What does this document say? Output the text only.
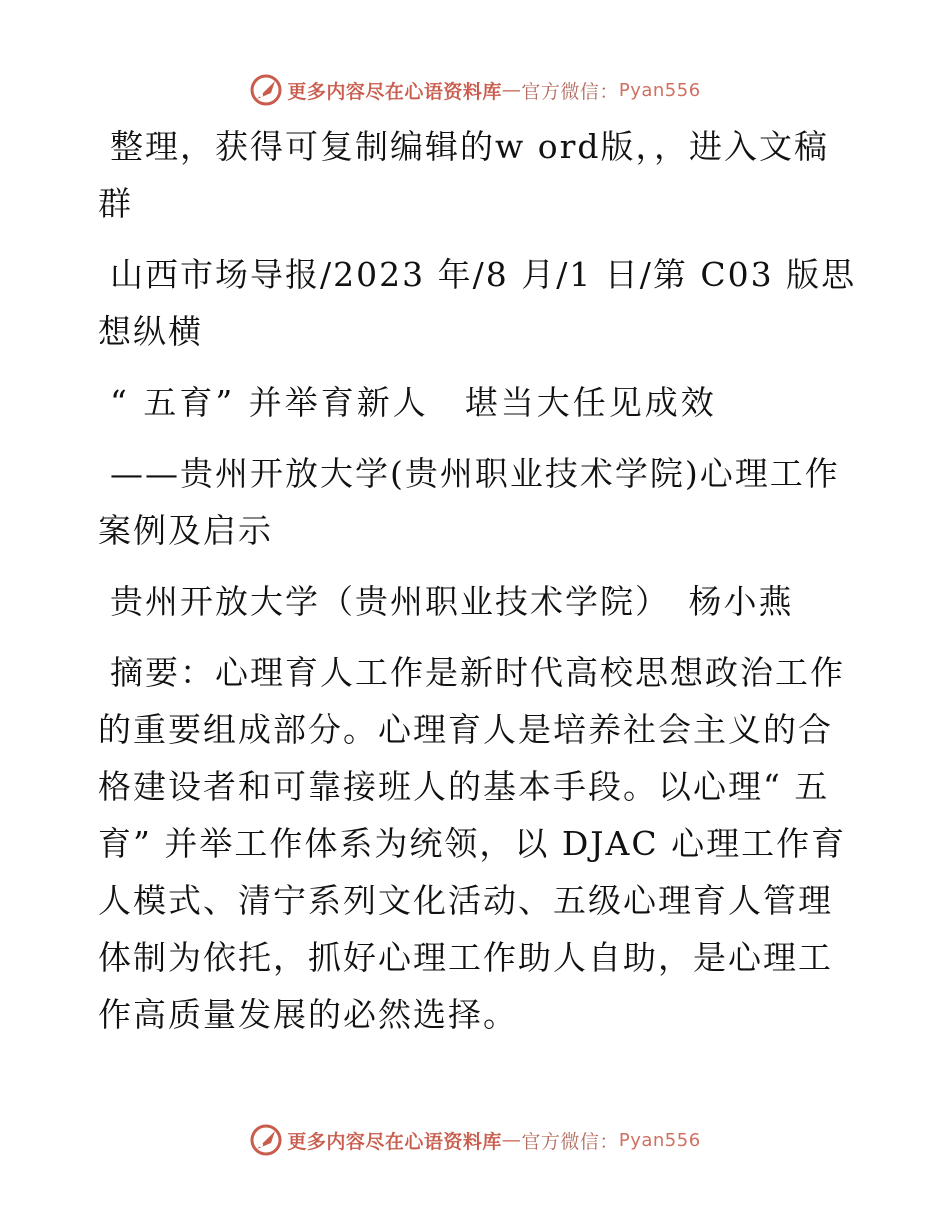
更多内容尽在心语资料库 — 官方微信： Pyan556

整理，获得可复制编辑的w ord版，，进入文稿群

山西市场导报/2023 年/8 月/1 日/第 C03 版思想纵横

“ 五育” 并举育新人　堪当大任见成效

——贵州开放大学(贵州职业技术学院)心理工作案例及启示

贵州开放大学（贵州职业技术学院）　杨小燕

摘要：心理育人工作是新时代高校思想政治工作的重要组成部分。心理育人是培养社会主义的合格建设者和可靠接班人的基本手段。以心理“ 五育” 并举工作体系为统领，以 DJAC 心理工作育人模式、清宁系列文化活动、五级心理育人管理体制为依托，抓好心理工作助人自助，是心理工作高质量发展的必然选择。

更多内容尽在心语资料库 — 官方微信： Pyan556
